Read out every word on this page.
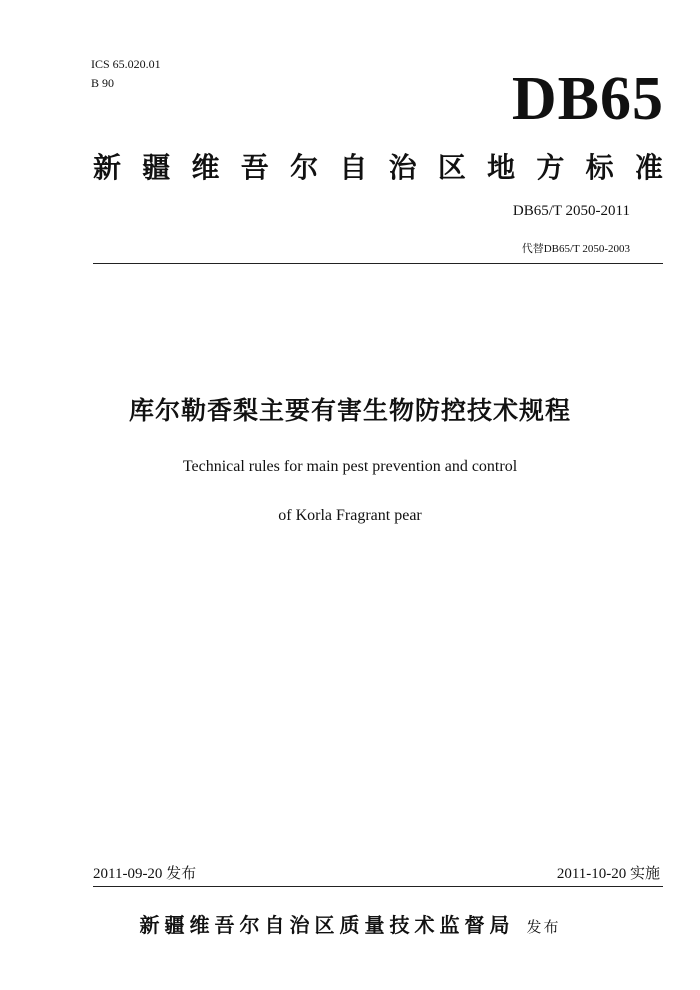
ICS 65.020.01
B 90	DB65
新 疆 维 吾 尔 自 治 区 地 方 标 准
DB65/T 2050-2011
代替DB65/T 2050-2003
库尔勒香梨主要有害生物防控技术规程
Technical rules for main pest prevention and control
of Korla Fragrant pear
2011-09-20 发布	2011-10-20 实施
新疆维吾尔自治区质量技术监督局 发布
